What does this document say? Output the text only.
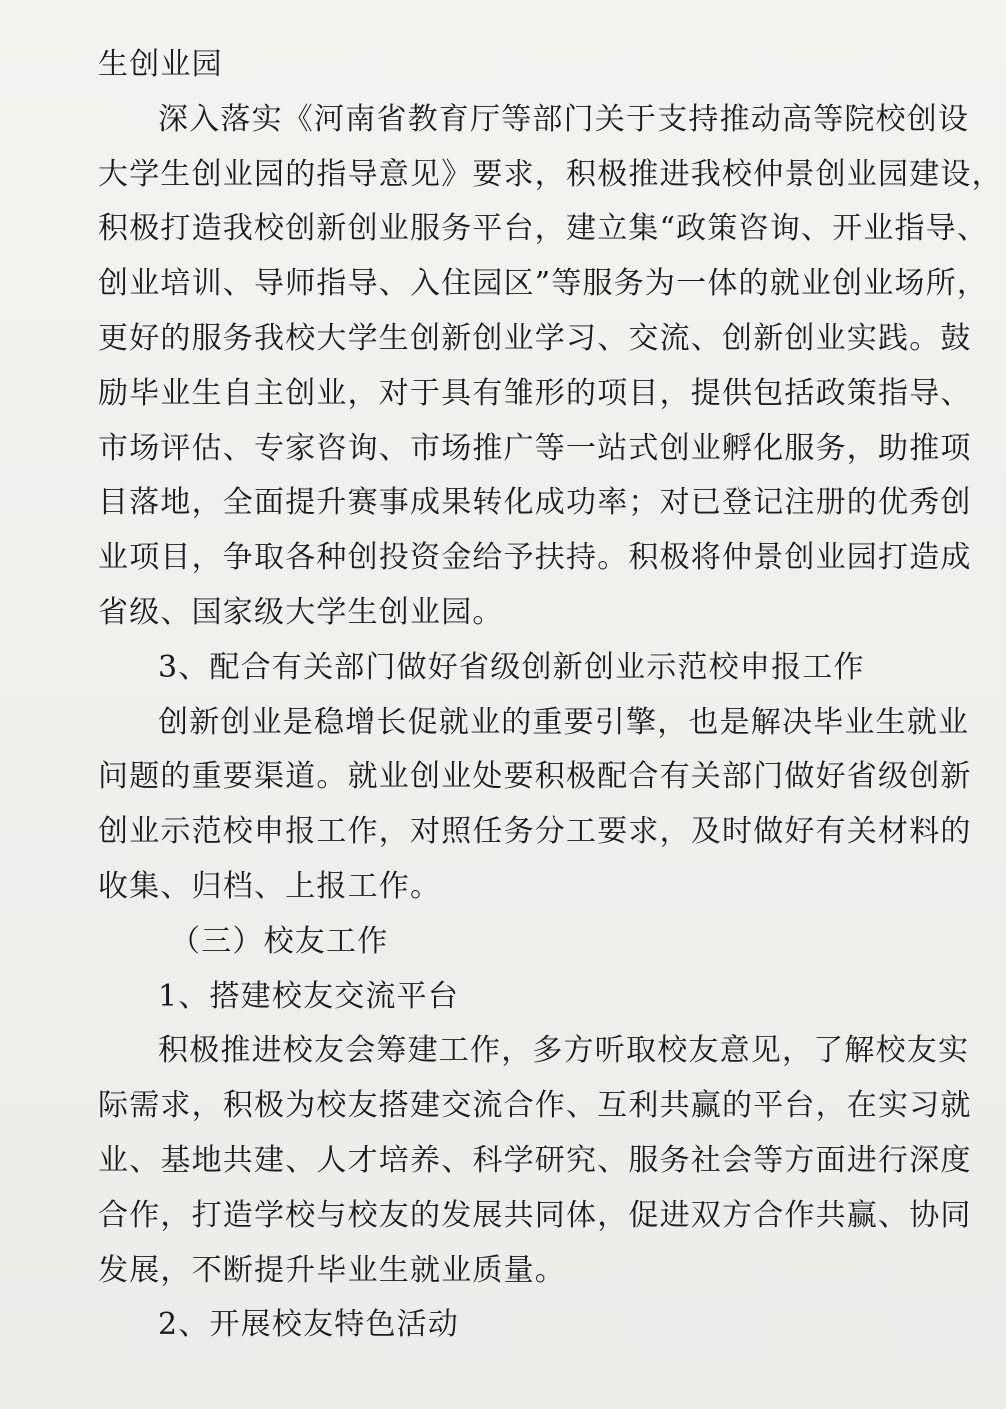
生创业园

深入落实《河南省教育厅等部门关于支持推动高等院校创设
大学生创业园的指导意见》要求，积极推进我校仲景创业园建设，
积极打造我校创新创业服务平台，建立集“政策咨询、开业指导、
创业培训、导师指导、入住园区”等服务为一体的就业创业场所，
更好的服务我校大学生创新创业学习、交流、创新创业实践。鼓
励毕业生自主创业，对于具有雏形的项目，提供包括政策指导、
市场评估、专家咨询、市场推广等一站式创业孵化服务，助推项
目落地，全面提升赛事成果转化成功率；对已登记注册的优秀创
业项目，争取各种创投资金给予扶持。积极将仲景创业园打造成
省级、国家级大学生创业园。

3、配合有关部门做好省级创新创业示范校申报工作

创新创业是稳增长促就业的重要引擎，也是解决毕业生就业
问题的重要渠道。就业创业处要积极配合有关部门做好省级创新
创业示范校申报工作，对照任务分工要求，及时做好有关材料的
收集、归档、上报工作。

（三）校友工作

1、搭建校友交流平台

积极推进校友会筹建工作，多方听取校友意见，了解校友实
际需求，积极为校友搭建交流合作、互利共赢的平台，在实习就
业、基地共建、人才培养、科学研究、服务社会等方面进行深度
合作，打造学校与校友的发展共同体，促进双方合作共赢、协同
发展，不断提升毕业生就业质量。

2、开展校友特色活动
